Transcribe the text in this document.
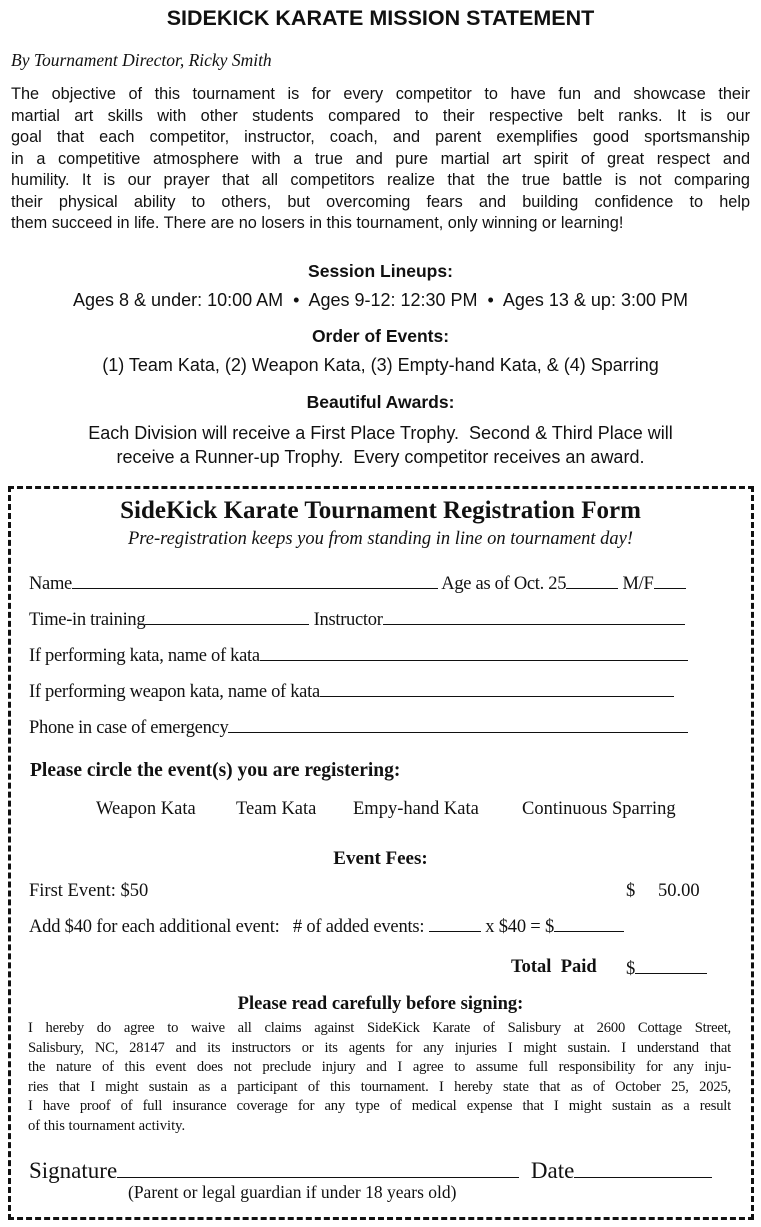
SIDEKICK KARATE MISSION STATEMENT
By Tournament Director, Ricky Smith
The objective of this tournament is for every competitor to have fun and showcase their
martial art skills with other students compared to their respective belt ranks. It is our
goal that each competitor, instructor, coach, and parent exemplifies good sportsmanship
in a competitive atmosphere with a true and pure martial art spirit of great respect and
humility. It is our prayer that all competitors realize that the true battle is not comparing
their physical ability to others, but overcoming fears and building confidence to help
them succeed in life. There are no losers in this tournament, only winning or learning!
Session Lineups:
Ages 8 & under: 10:00 AM  •  Ages 9-12: 12:30 PM  •  Ages 13 & up: 3:00 PM
Order of Events:
(1) Team Kata, (2) Weapon Kata, (3) Empty-hand Kata, & (4) Sparring
Beautiful Awards:
Each Division will receive a First Place Trophy.  Second & Third Place will
receive a Runner-up Trophy.  Every competitor receives an award.
SideKick Karate Tournament Registration Form
Pre-registration keeps you from standing in line on tournament day!
Name	Age as of Oct. 25	M/F
Time-in training	Instructor
If performing kata, name of kata
If performing weapon kata, name of kata
Phone in case of emergency
Please circle the event(s) you are registering:
Weapon Kata Team Kata Empy-hand Kata Continuous Sparring
Event Fees:
First Event: $50	$ 50.00
Add $40 for each additional event: # of added events:	x $40 = $
Total  Paid $
Please read carefully before signing:
I hereby do agree to waive all claims against SideKick Karate of Salisbury at 2600 Cottage Street,
Salisbury, NC, 28147 and its instructors or its agents for any injuries I might sustain. I understand that
the nature of this event does not preclude injury and I agree to assume full responsibility for any inju-
ries that I might sustain as a participant of this tournament. I hereby state that as of October 25, 2025,
I have proof of full insurance coverage for any type of medical expense that I might sustain as a result
of this tournament activity.
Signature	Date
(Parent or legal guardian if under 18 years old)
